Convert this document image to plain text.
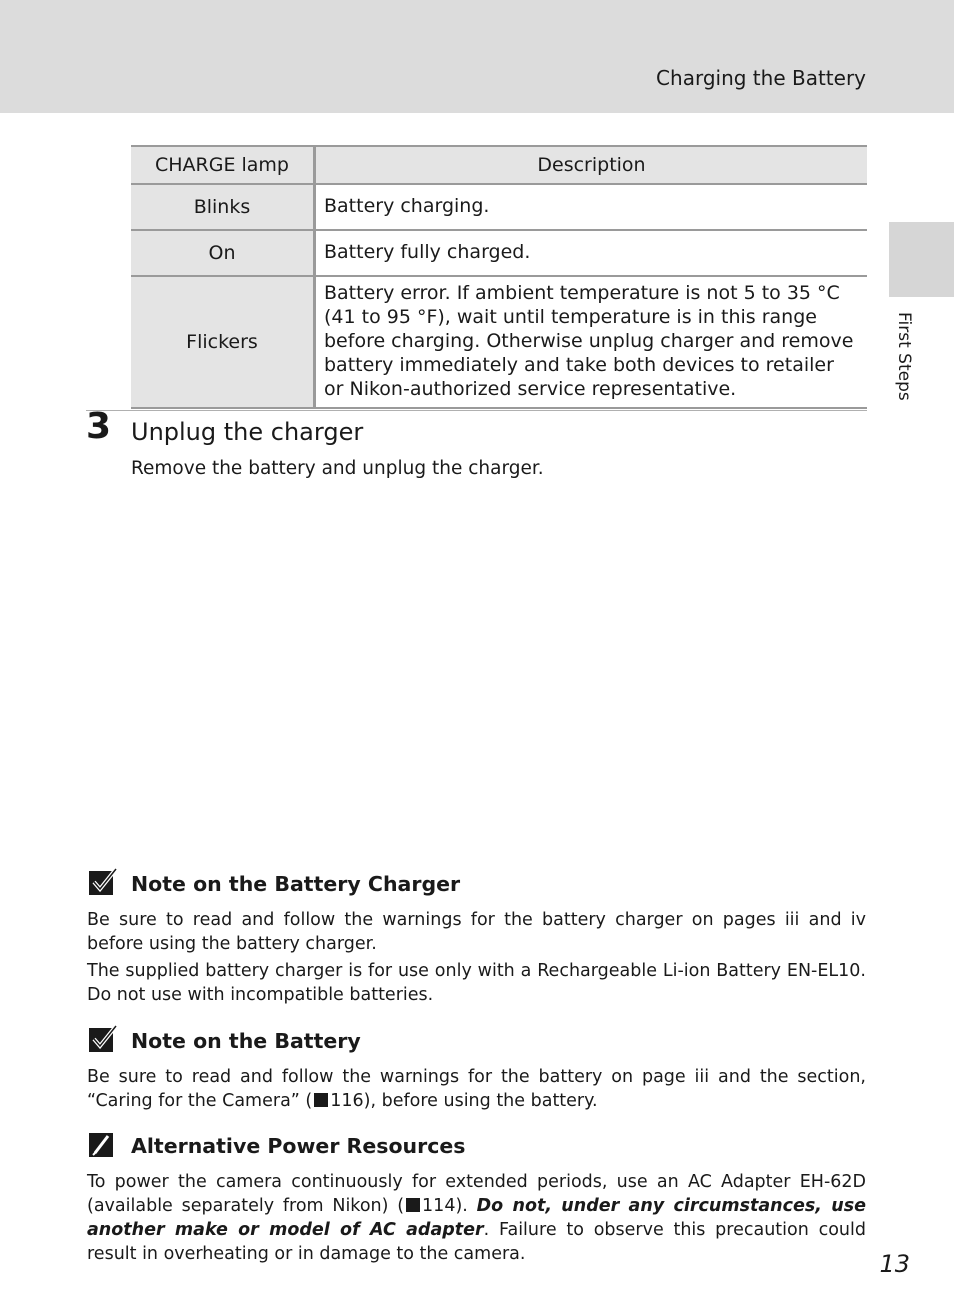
Charging the Battery
First Steps
CHARGE lamp	Description
Blinks	Battery charging.
On	Battery fully charged.
Flickers	Battery error. If ambient temperature is not 5 to 35 °C (41 to 95 °F), wait until temperature is in this range before charging. Otherwise unplug charger and remove battery immediately and take both devices to retailer or Nikon-authorized service representative.
3 Unplug the charger
Remove the battery and unplug the charger.
Note on the Battery Charger
Be sure to read and follow the warnings for the battery charger on pages iii and iv before using the battery charger.
The supplied battery charger is for use only with a Rechargeable Li-ion Battery EN-EL10. Do not use with incompatible batteries.
Note on the Battery
Be sure to read and follow the warnings for the battery on page iii and the section, “Caring for the Camera” ( 116), before using the battery.
Alternative Power Resources
To power the camera continuously for extended periods, use an AC Adapter EH-62D (available separately from Nikon) ( 114). Do not, under any circumstances, use another make or model of AC adapter. Failure to observe this precaution could result in overheating or in damage to the camera.	13
